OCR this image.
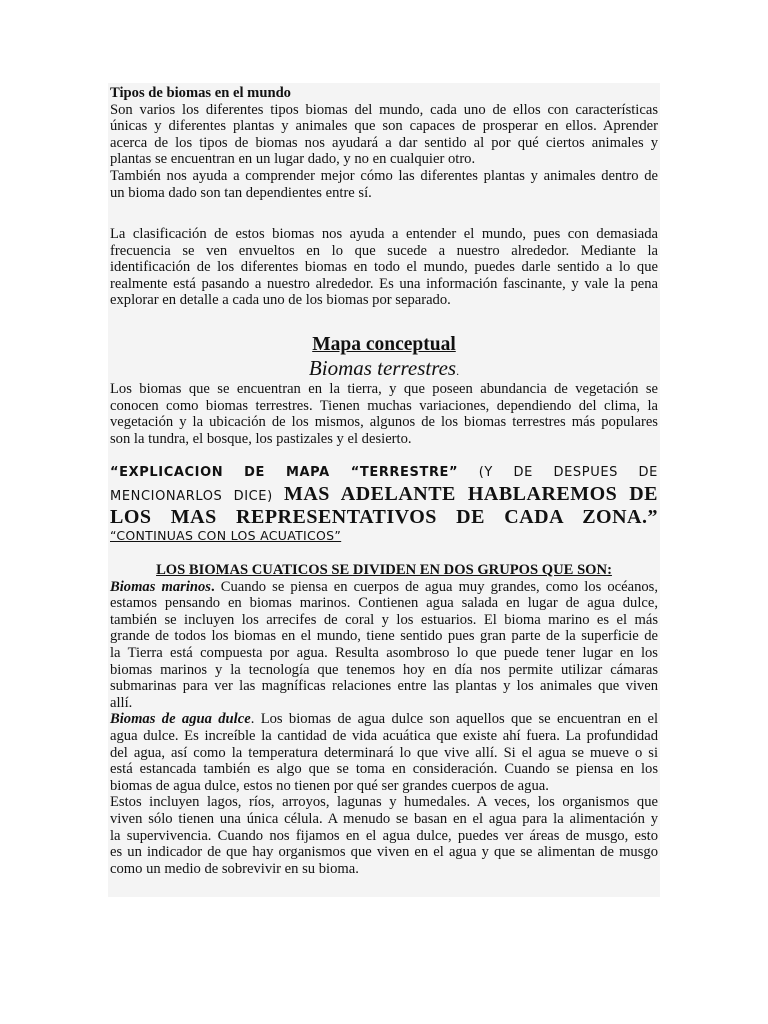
Tipos de biomas en el mundo
Son varios los diferentes tipos biomas del mundo, cada uno de ellos con características
únicas y diferentes plantas y animales que son capaces de prosperar en ellos. Aprender
acerca de los tipos de biomas nos ayudará a dar sentido al por qué ciertos animales y
plantas se encuentran en un lugar dado, y no en cualquier otro.
También nos ayuda a comprender mejor cómo las diferentes plantas y animales dentro de
un bioma dado son tan dependientes entre sí.
La clasificación de estos biomas nos ayuda a entender el mundo, pues con demasiada
frecuencia se ven envueltos en lo que sucede a nuestro alrededor. Mediante la
identificación de los diferentes biomas en todo el mundo, puedes darle sentido a lo que
realmente está pasando a nuestro alrededor. Es una información fascinante, y vale la pena
explorar en detalle a cada uno de los biomas por separado.
Mapa conceptual
Biomas terrestres.
Los biomas que se encuentran en la tierra, y que poseen abundancia de vegetación se
conocen como biomas terrestres. Tienen muchas variaciones, dependiendo del clima, la
vegetación y la ubicación de los mismos, algunos de los biomas terrestres más populares
son la tundra, el bosque, los pastizales y el desierto.
“EXPLICACION DE MAPA “TERRESTRE” (Y DE DESPUES DE
MENCIONARLOS DICE) MAS ADELANTE HABLAREMOS DE
LOS MAS REPRESENTATIVOS DE CADA ZONA.”
“CONTINUAS CON LOS ACUATICOS”
LOS BIOMAS CUATICOS SE DIVIDEN EN DOS GRUPOS QUE SON:
Biomas marinos. Cuando se piensa en cuerpos de agua muy grandes, como los océanos,
estamos pensando en biomas marinos. Contienen agua salada en lugar de agua dulce,
también se incluyen los arrecifes de coral y los estuarios. El bioma marino es el más
grande de todos los biomas en el mundo, tiene sentido pues gran parte de la superficie de
la Tierra está compuesta por agua. Resulta asombroso lo que puede tener lugar en los
biomas marinos y la tecnología que tenemos hoy en día nos permite utilizar cámaras
submarinas para ver las magníficas relaciones entre las plantas y los animales que viven
allí.
Biomas de agua dulce. Los biomas de agua dulce son aquellos que se encuentran en el
agua dulce. Es increíble la cantidad de vida acuática que existe ahí fuera. La profundidad
del agua, así como la temperatura determinará lo que vive allí. Si el agua se mueve o si
está estancada también es algo que se toma en consideración. Cuando se piensa en los
biomas de agua dulce, estos no tienen por qué ser grandes cuerpos de agua.
Estos incluyen lagos, ríos, arroyos, lagunas y humedales. A veces, los organismos que
viven sólo tienen una única célula. A menudo se basan en el agua para la alimentación y
la supervivencia. Cuando nos fijamos en el agua dulce, puedes ver áreas de musgo, esto
es un indicador de que hay organismos que viven en el agua y que se alimentan de musgo
como un medio de sobrevivir en su bioma.
